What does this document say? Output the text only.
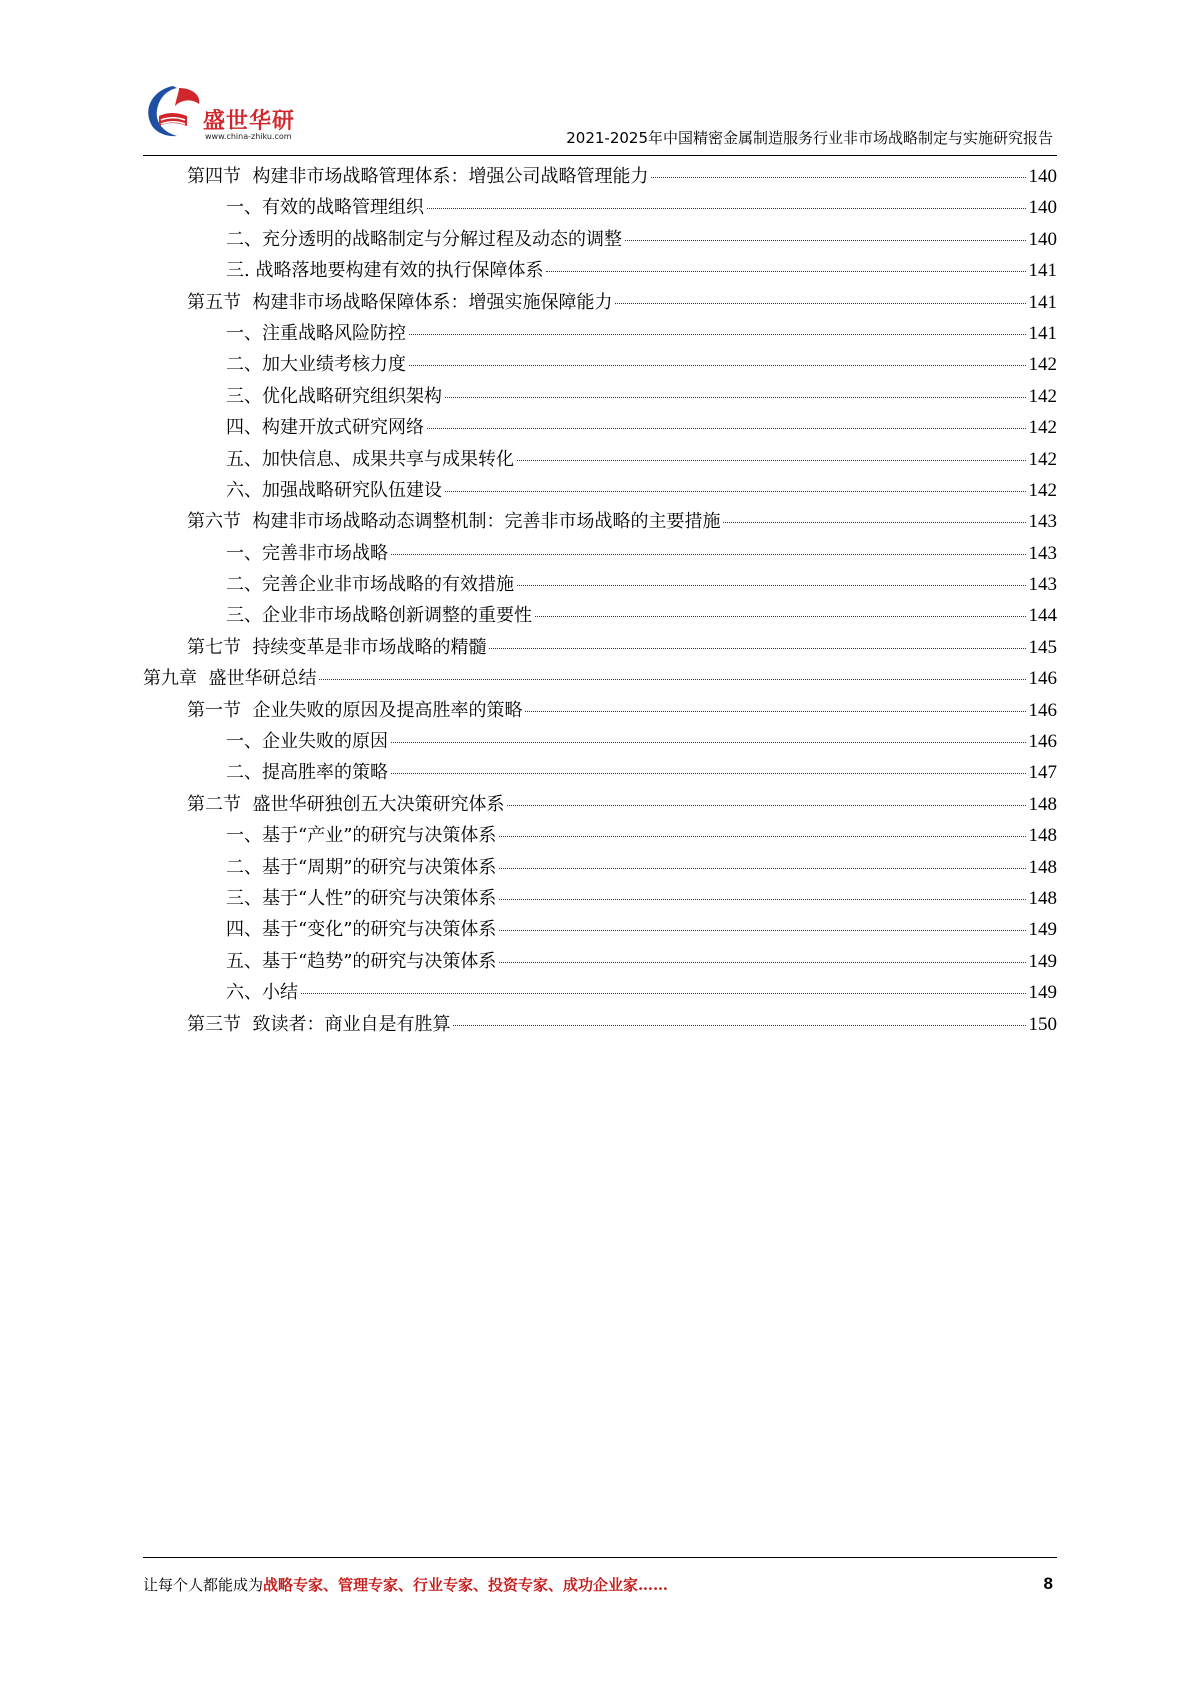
盛世华研
www.china-zhiku.com	2021-2025年中国精密金属制造服务行业非市场战略制定与实施研究报告
第四节  构建非市场战略管理体系：增强公司战略管理能力	140
一、有效的战略管理组织	140
二、充分透明的战略制定与分解过程及动态的调整	140
三. 战略落地要构建有效的执行保障体系	141
第五节  构建非市场战略保障体系：增强实施保障能力	141
一、注重战略风险防控	141
二、加大业绩考核力度	142
三、优化战略研究组织架构	142
四、构建开放式研究网络	142
五、加快信息、成果共享与成果转化	142
六、加强战略研究队伍建设	142
第六节  构建非市场战略动态调整机制：完善非市场战略的主要措施	143
一、完善非市场战略	143
二、完善企业非市场战略的有效措施	143
三、企业非市场战略创新调整的重要性	144
第七节  持续变革是非市场战略的精髓	145
第九章  盛世华研总结	146
第一节  企业失败的原因及提高胜率的策略	146
一、企业失败的原因	146
二、提高胜率的策略	147
第二节  盛世华研独创五大决策研究体系	148
一、基于“产业”的研究与决策体系	148
二、基于“周期”的研究与决策体系	148
三、基于“人性”的研究与决策体系	148
四、基于“变化”的研究与决策体系	149
五、基于“趋势”的研究与决策体系	149
六、小结	149
第三节  致读者：商业自是有胜算	150
让每个人都能成为战略专家、管理专家、行业专家、投资专家、成功企业家……	8
